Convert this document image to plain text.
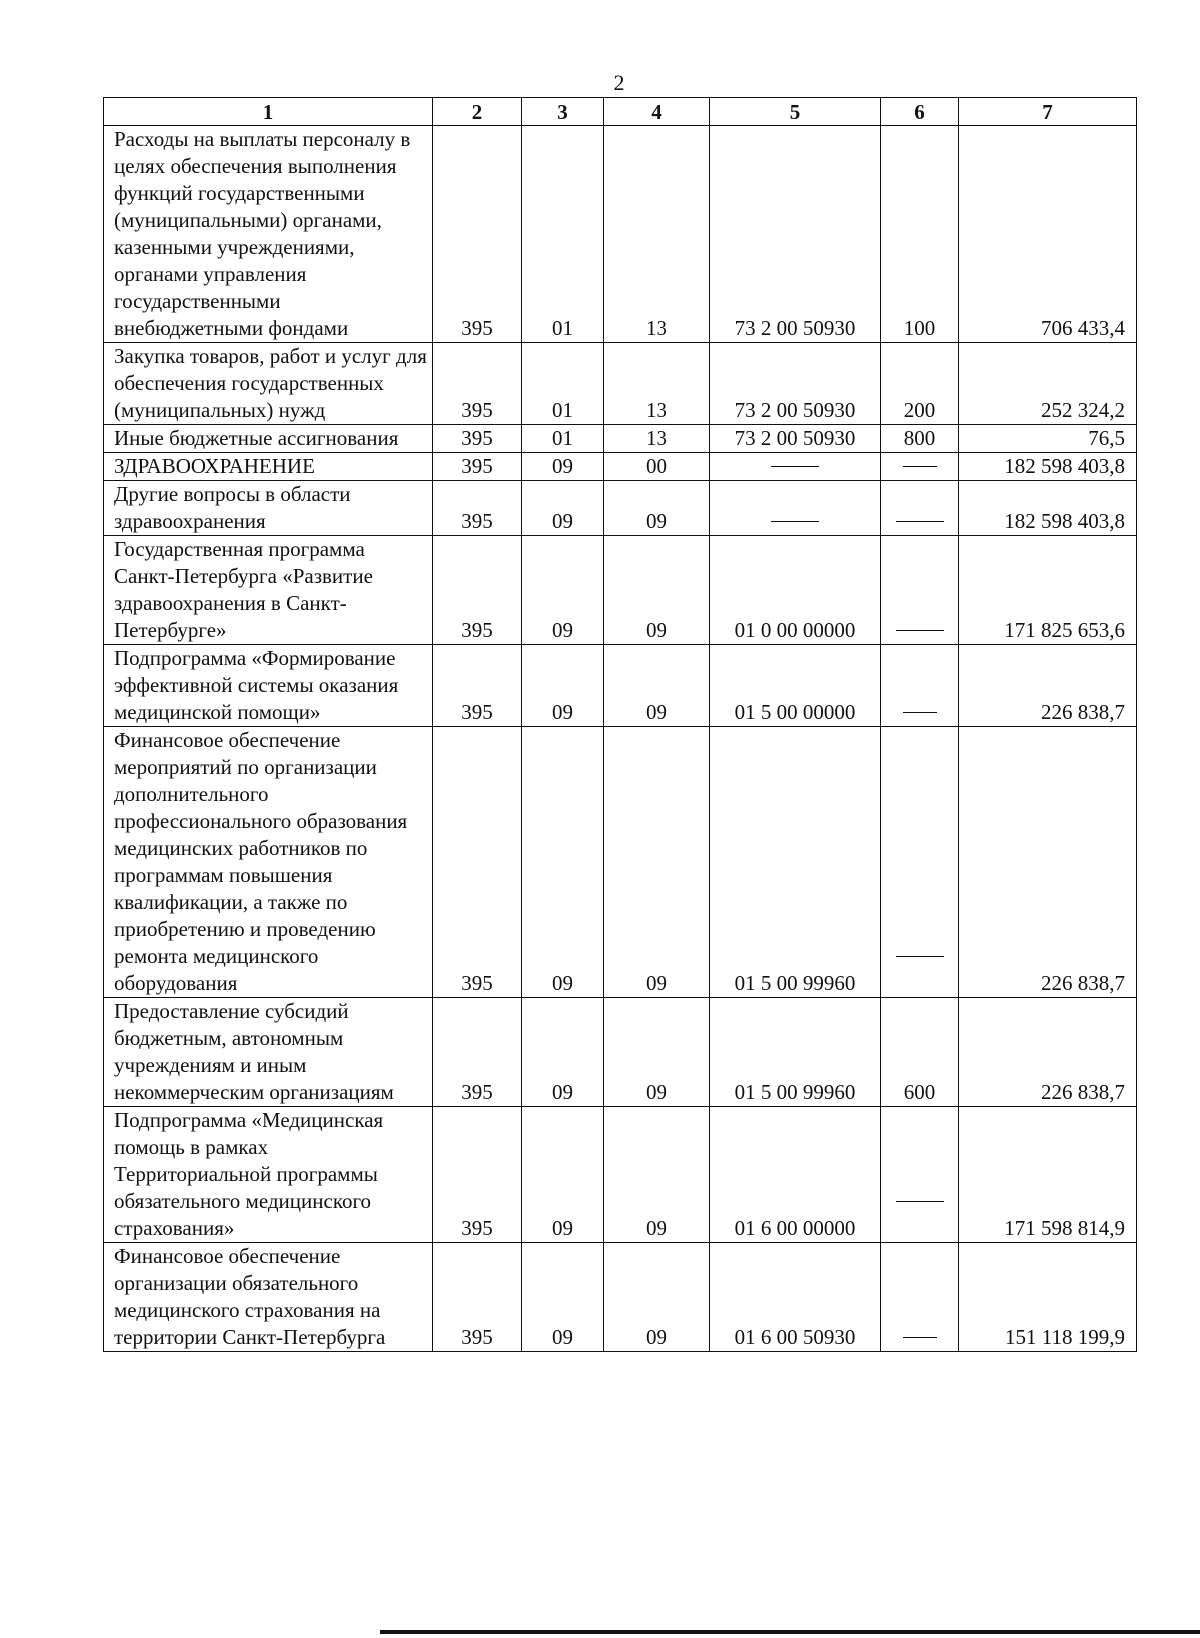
2
1	2	3	4	5	6	7
Расходы на выплаты персоналу в целях обеспечения выполнения функций государственными (муниципальными) органами, казенными учреждениями, органами управления государственными внебюджетными фондами	395	01	13	73 2 00 50930	100	706 433,4
Закупка товаров, работ и услуг для обеспечения государственных (муниципальных) нужд	395	01	13	73 2 00 50930	200	252 324,2
Иные бюджетные ассигнования	395	01	13	73 2 00 50930	800	76,5
ЗДРАВООХРАНЕНИЕ	395	09	00			182 598 403,8
Другие вопросы в области здравоохранения	395	09	09			182 598 403,8
Государственная программа Санкт-Петербурга «Развитие здравоохранения в Санкт-Петербурге»	395	09	09	01 0 00 00000		171 825 653,6
Подпрограмма «Формирование эффективной системы оказания медицинской помощи»	395	09	09	01 5 00 00000		226 838,7
Финансовое обеспечение мероприятий по организации дополнительного профессионального образования медицинских работников по программам повышения квалификации, а также по приобретению и проведению ремонта медицинского оборудования	395	09	09	01 5 00 99960		226 838,7
Предоставление субсидий бюджетным, автономным учреждениям и иным некоммерческим организациям	395	09	09	01 5 00 99960	600	226 838,7
Подпрограмма «Медицинская помощь в рамках Территориальной программы обязательного медицинского страхования»	395	09	09	01 6 00 00000		171 598 814,9
Финансовое обеспечение организации обязательного медицинского страхования на территории Санкт-Петербурга	395	09	09	01 6 00 50930		151 118 199,9
